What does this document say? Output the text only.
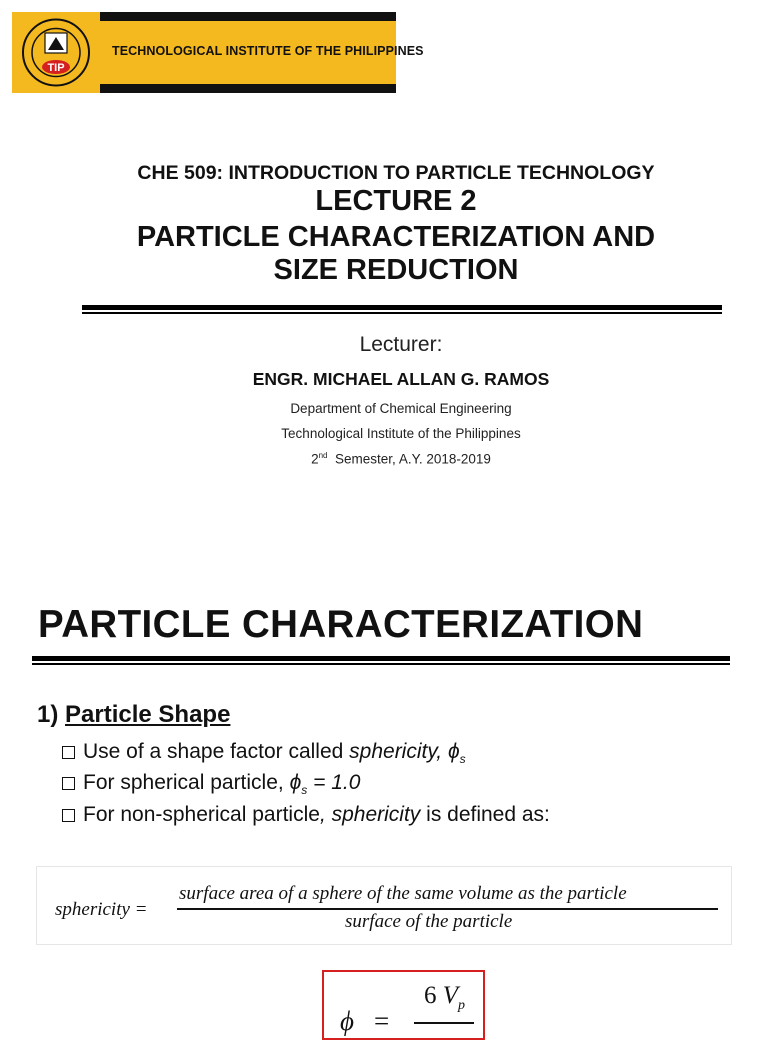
TIP
TECHNOLOGICAL INSTITUTE OF THE PHILIPPINES
CHE 509: INTRODUCTION TO PARTICLE TECHNOLOGY
LECTURE 2
PARTICLE CHARACTERIZATION AND
SIZE REDUCTION
Lecturer:
ENGR. MICHAEL ALLAN G. RAMOS
Department of Chemical Engineering
Technological Institute of the Philippines
2nd Semester, A.Y. 2018-2019
PARTICLE CHARACTERIZATION
1) Particle Shape
Use of a shape factor called sphericity, $\phi_s$
For spherical particle, $\phi_s = 1.0$
For non-spherical particle, sphericity is defined as:
sphericity =
surface area of a sphere of the same volume as the particle
surface of the particle
6 $V_p$
ϕ =
